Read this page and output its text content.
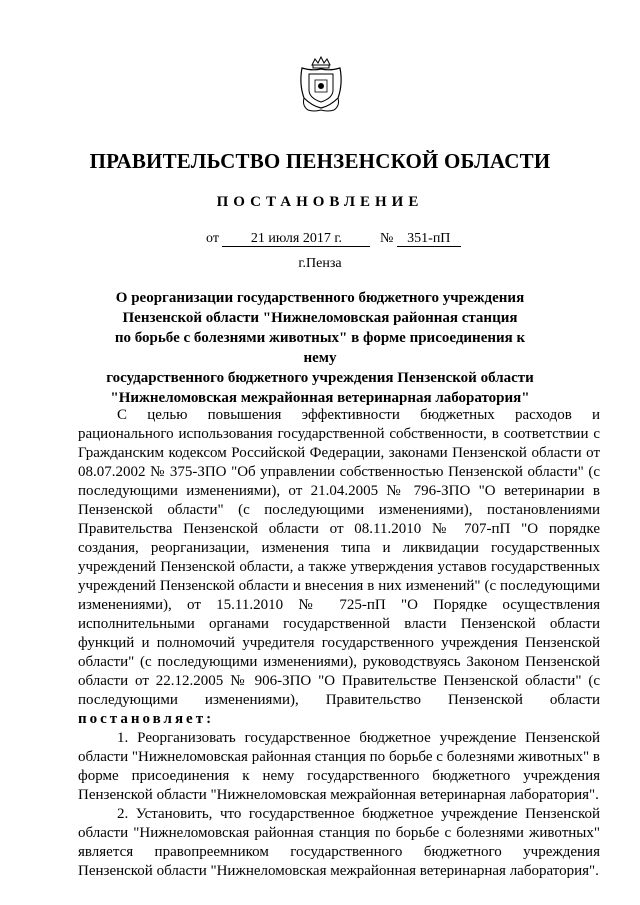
ПРАВИТЕЛЬСТВО ПЕНЗЕНСКОЙ ОБЛАСТИ
ПОСТАНОВЛЕНИЕ
от 21 июля 2017 г.	№ 351-пП
г.Пенза
О реорганизации государственного бюджетного учреждения
Пензенской области "Нижнеломовская районная станция
по борьбе с болезнями животных" в форме присоединения к нему
государственного бюджетного учреждения Пензенской области
"Нижнеломовская межрайонная ветеринарная лаборатория"

С целью повышения эффективности бюджетных расходов и рационального использования государственной собственности, в соответствии с Гражданским кодексом Российской Федерации, законами Пензенской области от 08.07.2002 № 375-ЗПО "Об управлении собственностью Пензенской области" (с последующими изменениями), от 21.04.2005 № 796-ЗПО "О ветеринарии в Пензенской области" (с последующими изменениями), постановлениями Правительства Пензенской области от 08.11.2010 № 707-пП "О порядке создания, реорганизации, изменения типа и ликвидации государственных учреждений Пензенской области, а также утверждения уставов государственных учреждений Пензенской области и внесения в них изменений" (с последующими изменениями), от 15.11.2010 № 725-пП "О Порядке осуществления исполнительными органами государственной власти Пензенской области функций и полномочий учредителя государственного учреждения Пензенской области" (с последующими изменениями), руководствуясь Законом Пензенской области от 22.12.2005 № 906-ЗПО "О Правительстве Пензенской области" (с последующими изменениями), Правительство Пензенской области постановляет:

1. Реорганизовать государственное бюджетное учреждение Пензенской области "Нижнеломовская районная станция по борьбе с болезнями животных" в форме присоединения к нему государственного бюджетного учреждения Пензенской области "Нижнеломовская межрайонная ветеринарная лаборатория".

2. Установить, что государственное бюджетное учреждение Пензенской области "Нижнеломовская районная станция по борьбе с болезнями животных" является правопреемником государственного бюджетного учреждения Пензенской области "Нижнеломовская межрайонная ветеринарная лаборатория".
